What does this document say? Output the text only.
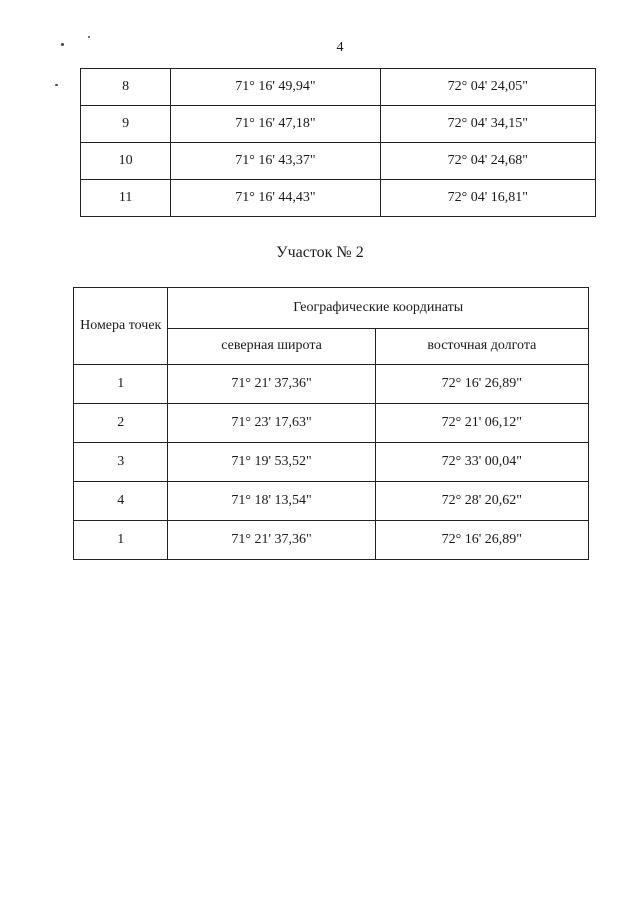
4
8	71° 16' 49,94"	72° 04' 24,05"
9	71° 16' 47,18"	72° 04' 34,15"
10	71° 16' 43,37"	72° 04' 24,68"
11	71° 16' 44,43"	72° 04' 16,81"
Участок № 2
Номера точек	Географические координаты	
	северная широта	восточная долгота
1	71° 21' 37,36"	72° 16' 26,89"
2	71° 23' 17,63"	72° 21' 06,12"
3	71° 19' 53,52"	72° 33' 00,04"
4	71° 18' 13,54"	72° 28' 20,62"
1	71° 21' 37,36"	72° 16' 26,89"
